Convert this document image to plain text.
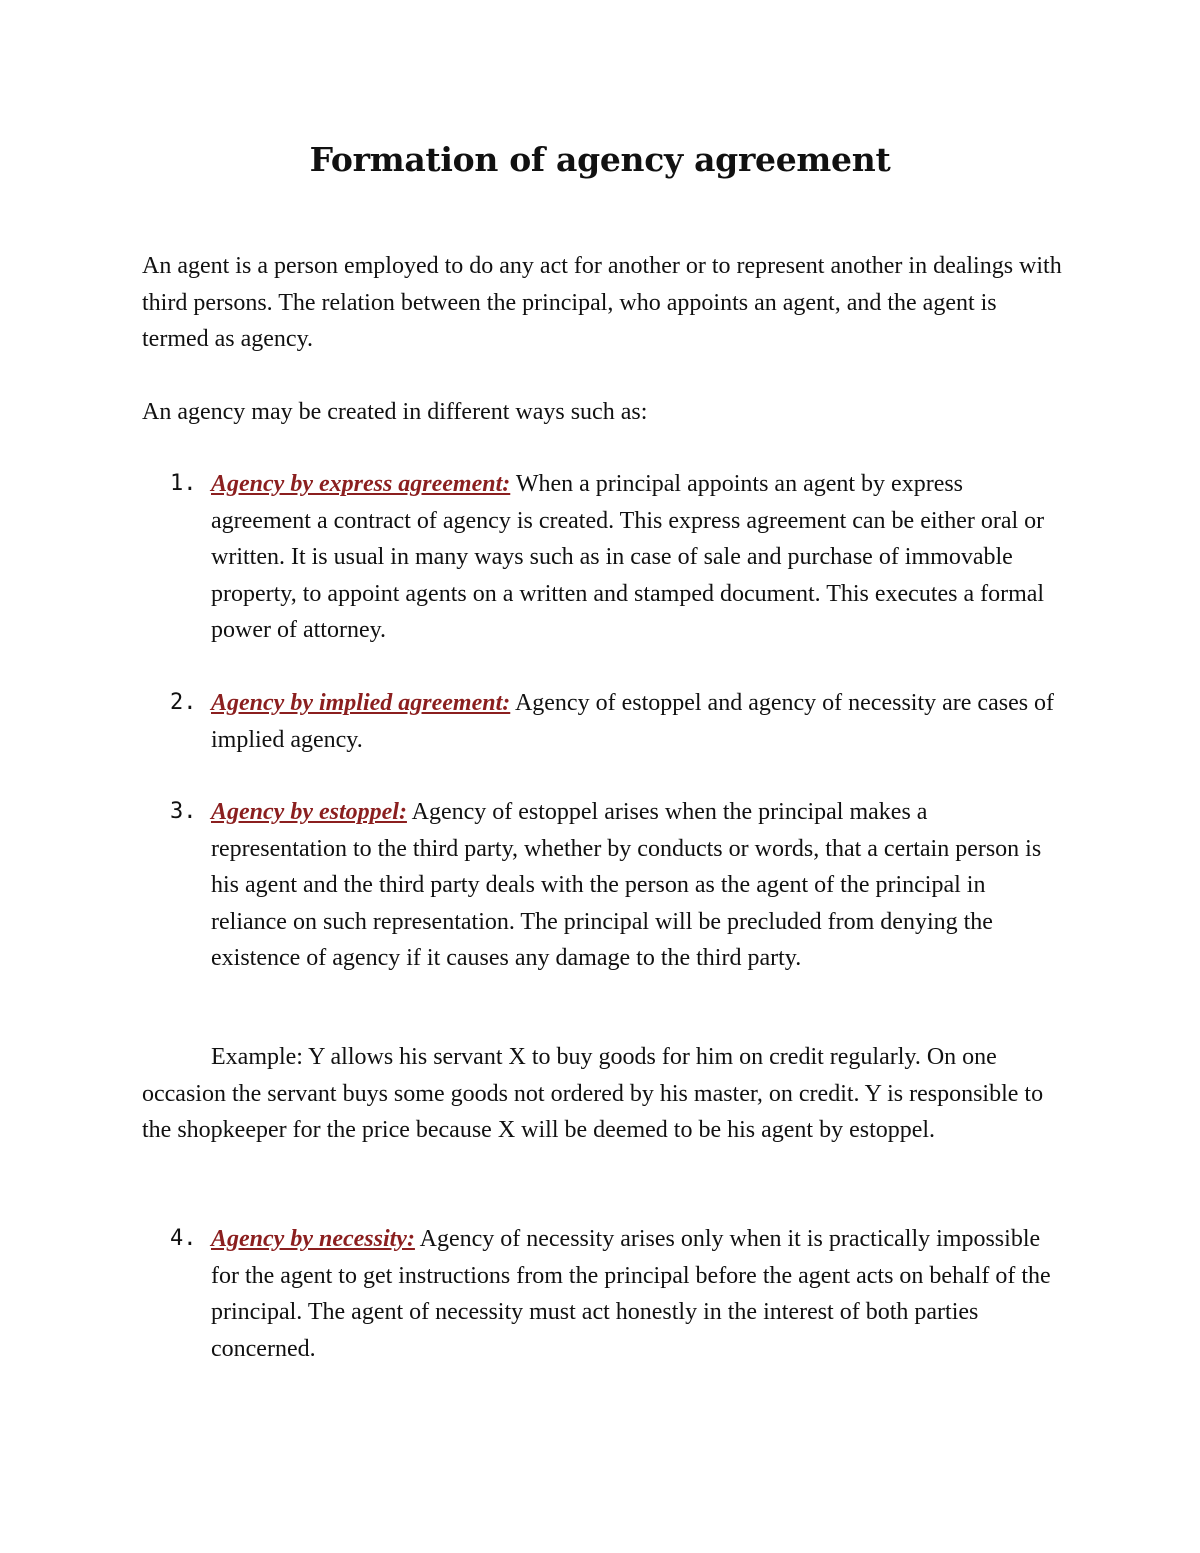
Formation of agency agreement

An agent is a person employed to do any act for another or to represent another in dealings with third persons. The relation between the principal, who appoints an agent, and the agent is termed as agency.

An agency may be created in different ways such as:

1. Agency by express agreement: When a principal appoints an agent by express agreement a contract of agency is created. This express agreement can be either oral or written. It is usual in many ways such as in case of sale and purchase of immovable property, to appoint agents on a written and stamped document. This executes a formal power of attorney.
2. Agency by implied agreement: Agency of estoppel and agency of necessity are cases of implied agency.
3. Agency by estoppel: Agency of estoppel arises when the principal makes a representation to the third party, whether by conducts or words, that a certain person is his agent and the third party deals with the person as the agent of the principal in reliance on such representation. The principal will be precluded from denying the existence of agency if it causes any damage to the third party.

Example: Y allows his servant X to buy goods for him on credit regularly. On one occasion the servant buys some goods not ordered by his master, on credit. Y is responsible to the shopkeeper for the price because X will be deemed to be his agent by estoppel.

4. Agency by necessity: Agency of necessity arises only when it is practically impossible for the agent to get instructions from the principal before the agent acts on behalf of the principal. The agent of necessity must act honestly in the interest of both parties concerned.
